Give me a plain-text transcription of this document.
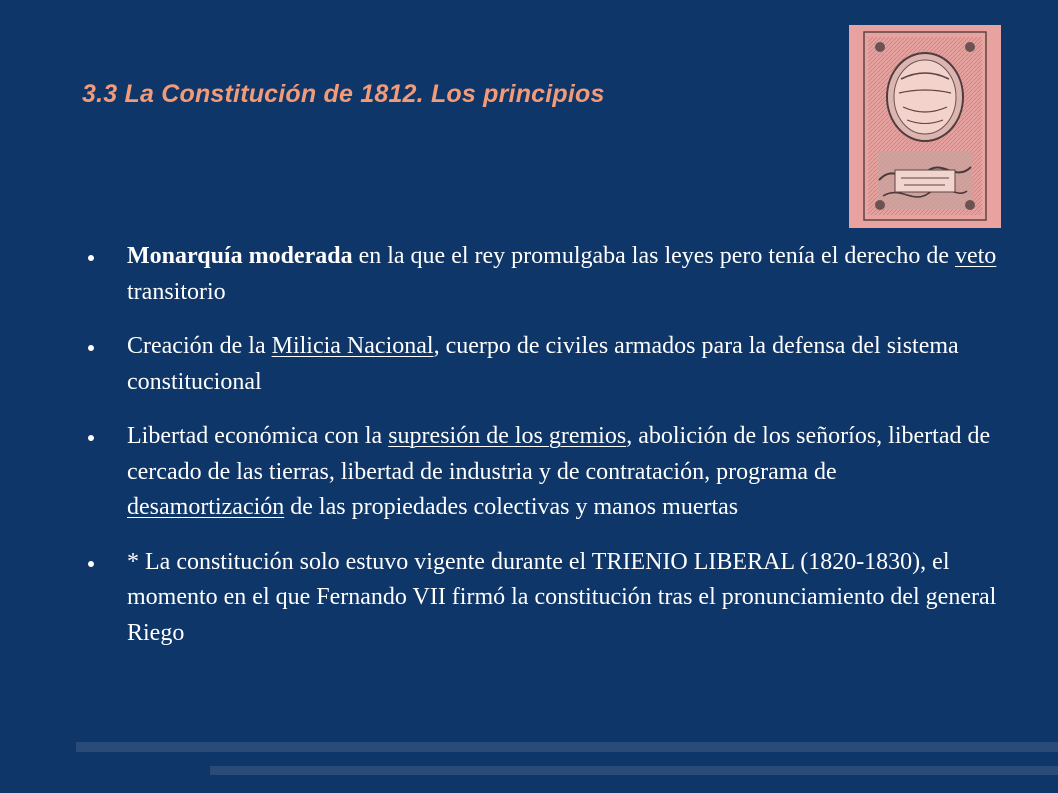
3.3 La Constitución de 1812. Los principios
Monarquía moderada en la que el rey promulgaba las leyes pero tenía el derecho de veto transitorio
Creación de la Milicia Nacional, cuerpo de civiles armados para la defensa del sistema constitucional
Libertad económica con la supresión de los gremios, abolición de los señoríos, libertad de cercado de las tierras, libertad de industria y de contratación, programa de desamortización de las propiedades colectivas y manos muertas
* La constitución solo estuvo vigente durante el TRIENIO LIBERAL (1820-1830), el momento en el que Fernando VII firmó la constitución tras el pronunciamiento del general Riego
